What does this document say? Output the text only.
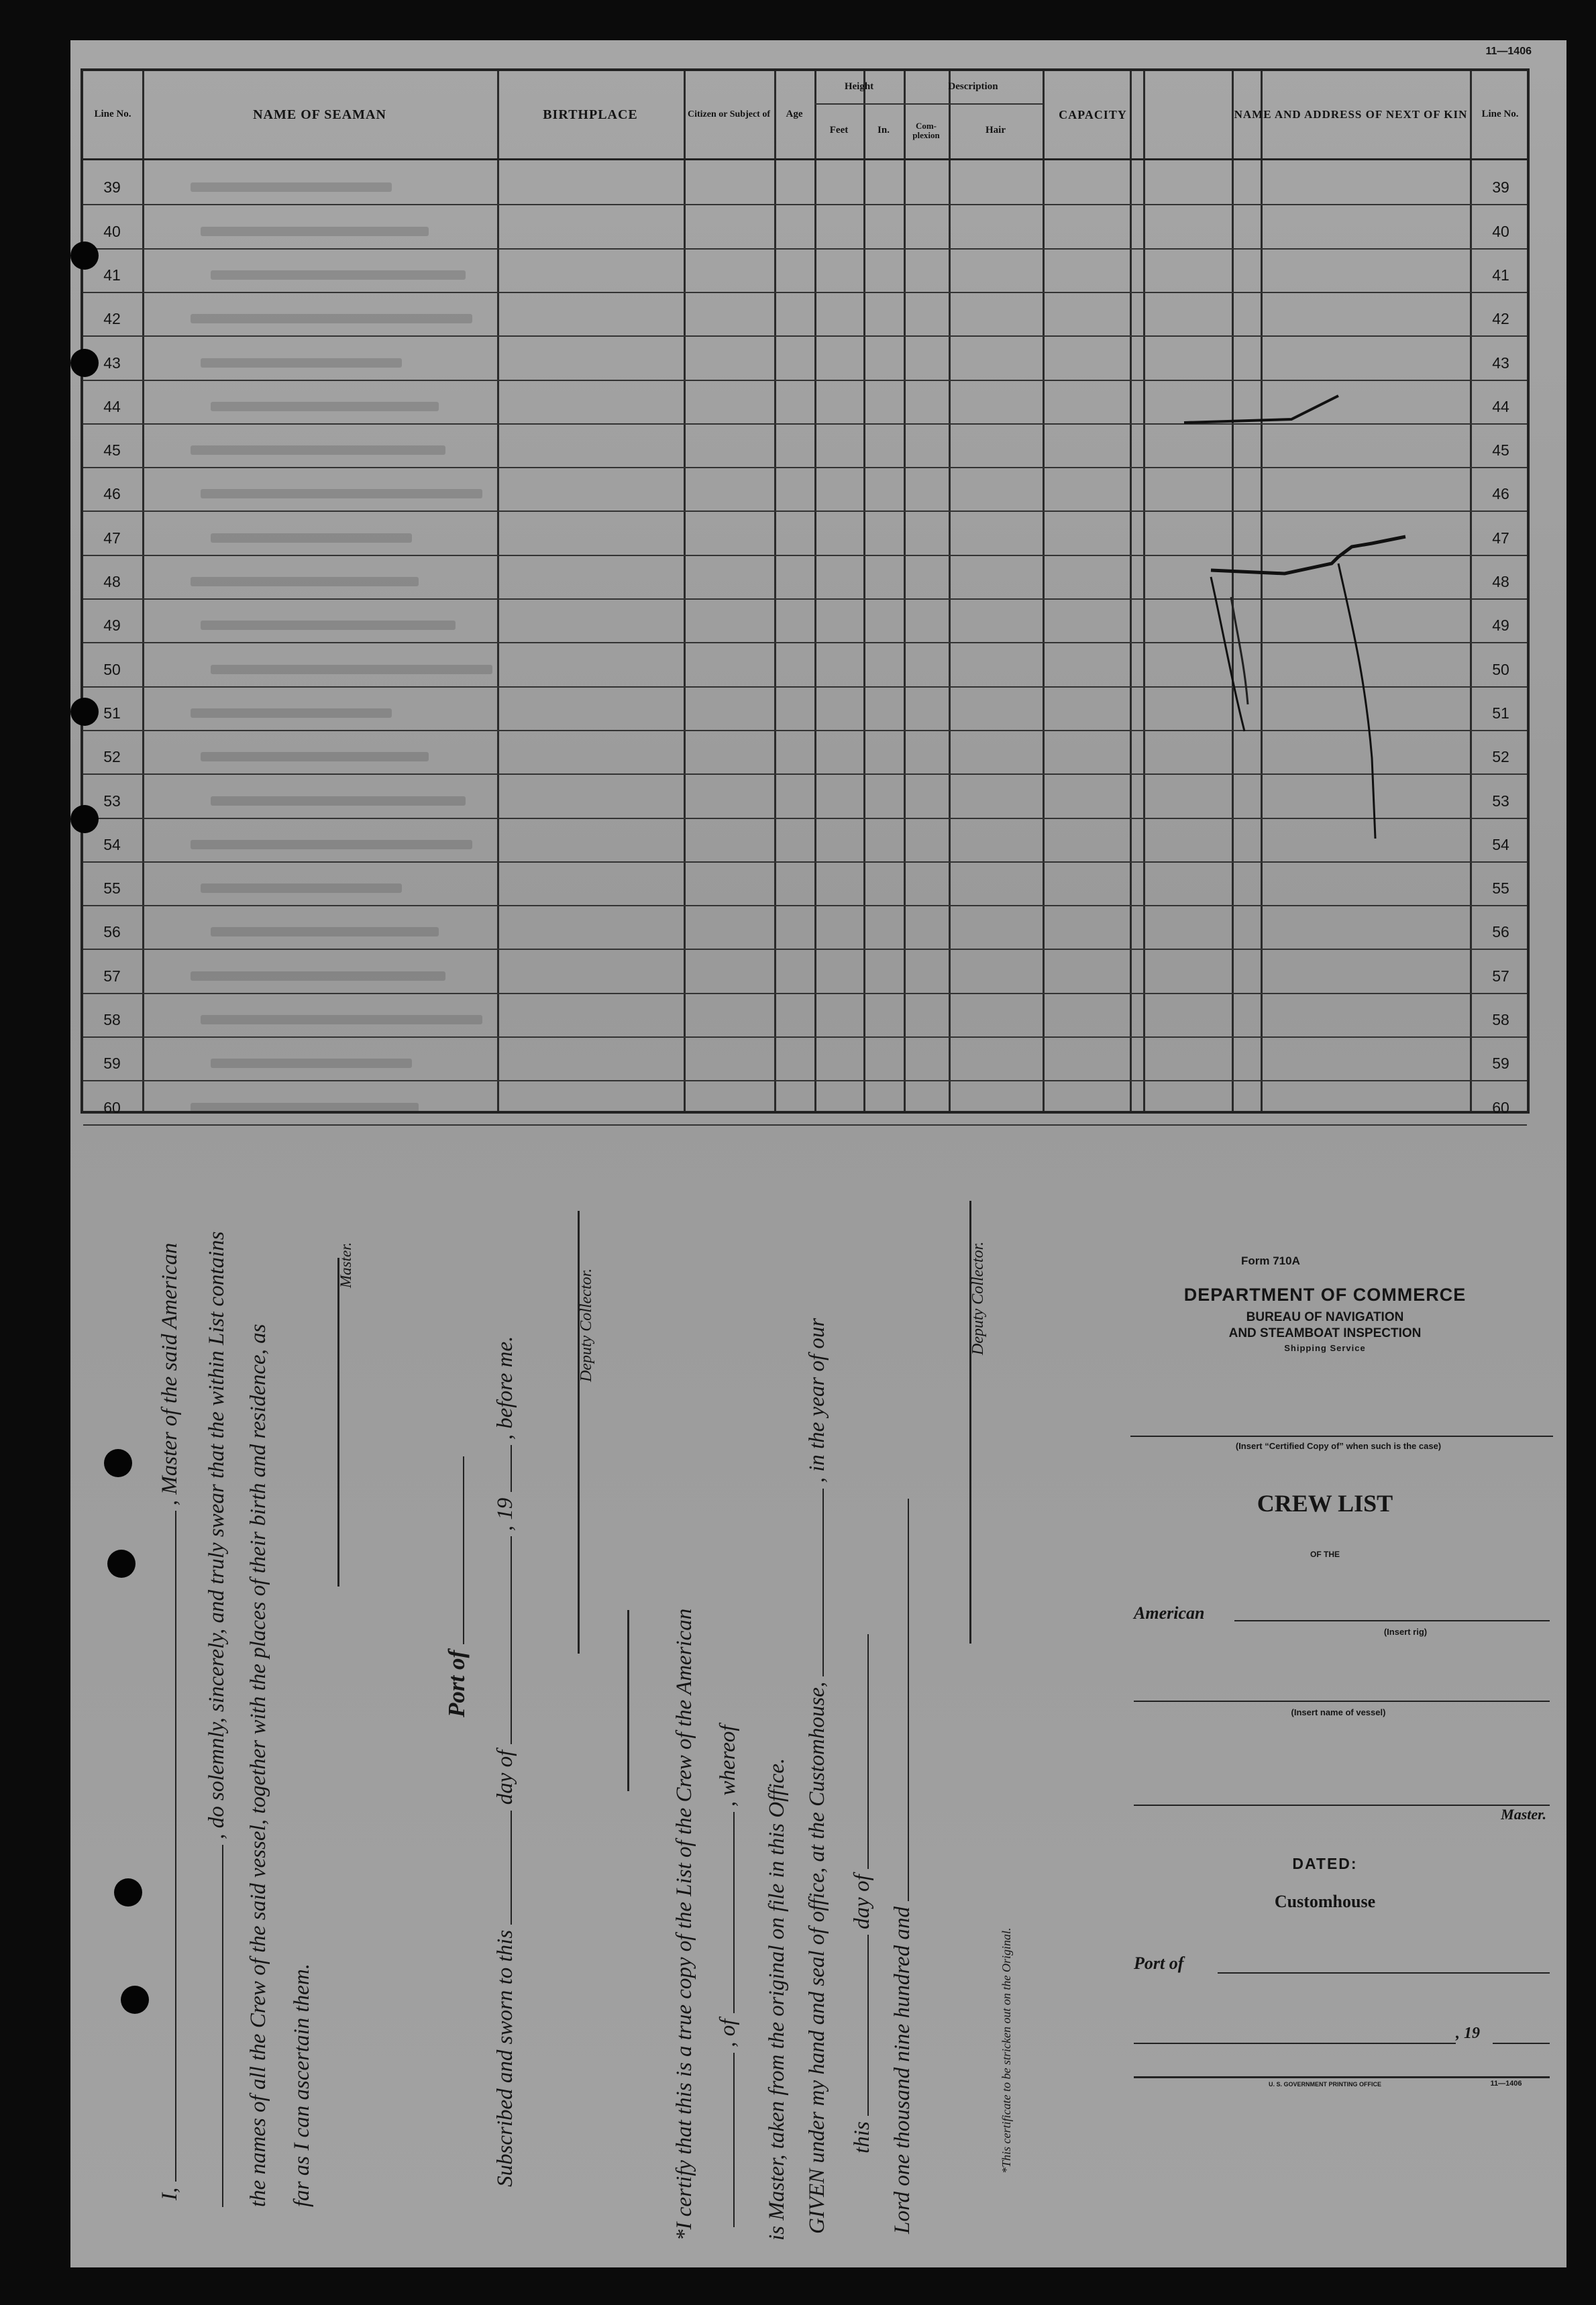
11—1406
Line No.	NAME OF SEAMAN	BIRTHPLACE	Citizen or Subject of	Age
Height
Feet	In.
Description
Com-plexion	Hair
CAPACITY	NAME AND ADDRESS OF NEXT OF KIN	Line No.
39	39
40	40
41	41
42	42
43	43
44	44
45	45
46	46
47	47
48	48
49	49
50	50
51	51
52	52
53	53
54	54
55	55
56	56
57	57
58	58
59	59
60	60
I,  , Master of the said American , do solemnly, sincerely, and truly swear that the within List contains the names of all the Crew of the said vessel, together with the places of their birth and residence, as far as I can ascertain them.
Master.
Port of
Subscribed and sworn to this  day of  , 19  , before me.
Deputy Collector.
*I certify that this is a true copy of the List of the Crew of the American , of  , whereof is Master, taken from the original on file in this Office. GIVEN under my hand and seal of office, at the Customhouse,  , in the year of our
this  day of
Lord one thousand nine hundred and	*This certificate to be stricken out on the Original.
Deputy Collector.	Form 710A
DEPARTMENT OF COMMERCE
BUREAU OF NAVIGATION
AND STEAMBOAT INSPECTION
Shipping Service
(Insert “Certified Copy of” when such is the case)
CREW LIST
OF THE
American
(Insert rig)
(Insert name of vessel)
Master.
DATED:
Customhouse
Port of
, 19
U. S. GOVERNMENT PRINTING OFFICE	11—1406
